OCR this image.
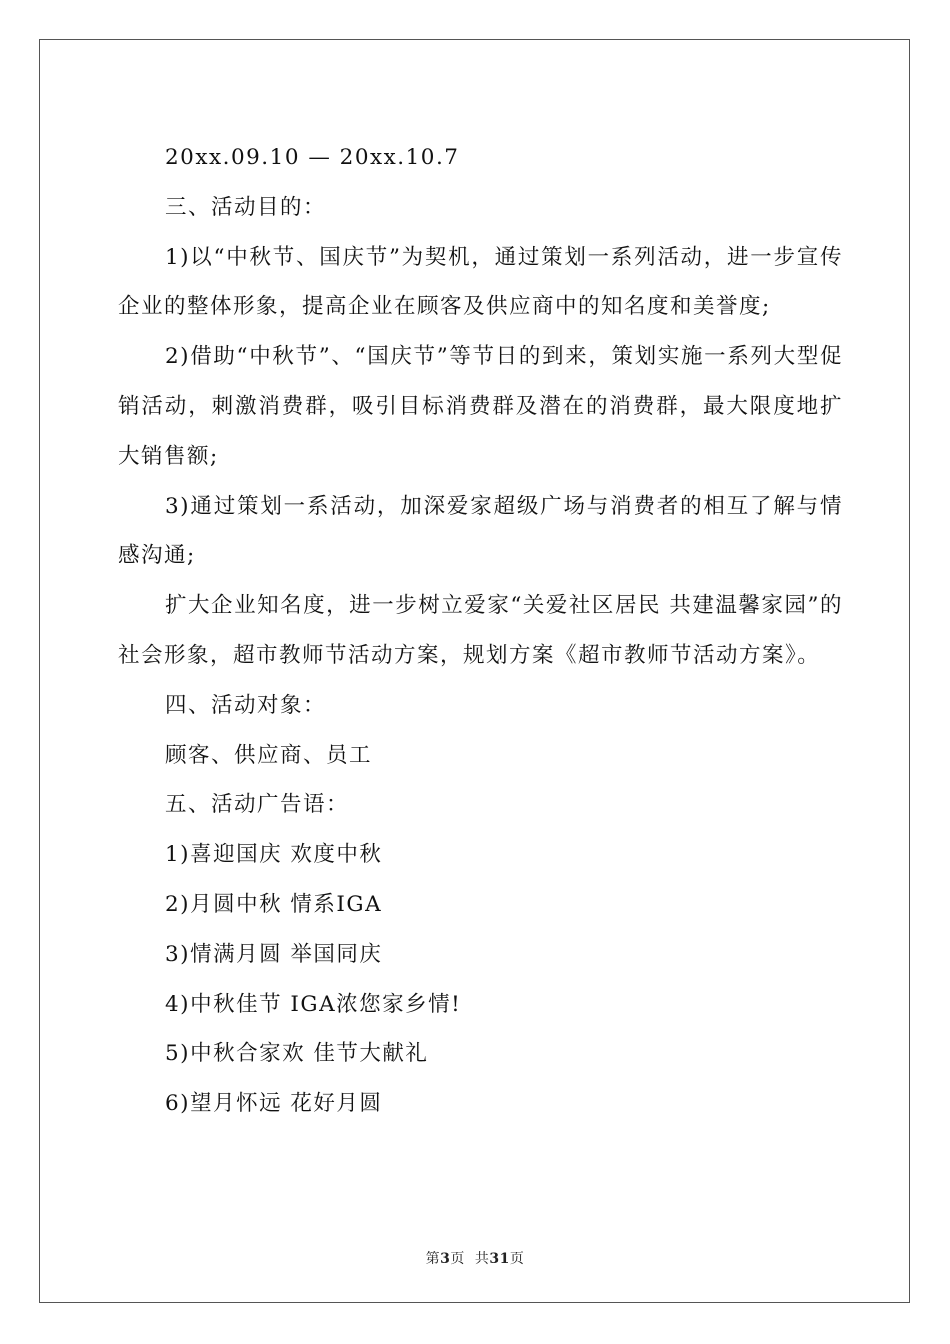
20xx.09.10 — 20xx.10.7

三、活动目的：

1)以“中秋节、国庆节”为契机，通过策划一系列活动，进一步宣传企业的整体形象，提高企业在顾客及供应商中的知名度和美誉度;

2)借助“中秋节”、“国庆节”等节日的到来，策划实施一系列大型促销活动，刺激消费群，吸引目标消费群及潜在的消费群，最大限度地扩大销售额;

3)通过策划一系活动，加深爱家超级广场与消费者的相互了解与情感沟通;

扩大企业知名度，进一步树立爱家“关爱社区居民 共建温馨家园”的社会形象，超市教师节活动方案，规划方案《超市教师节活动方案》。

四、活动对象：

顾客、供应商、员工

五、活动广告语：

1)喜迎国庆 欢度中秋

2)月圆中秋 情系IGA

3)情满月圆 举国同庆

4)中秋佳节 IGA浓您家乡情!

5)中秋合家欢 佳节大献礼

6)望月怀远 花好月圆

第3页  共31页
